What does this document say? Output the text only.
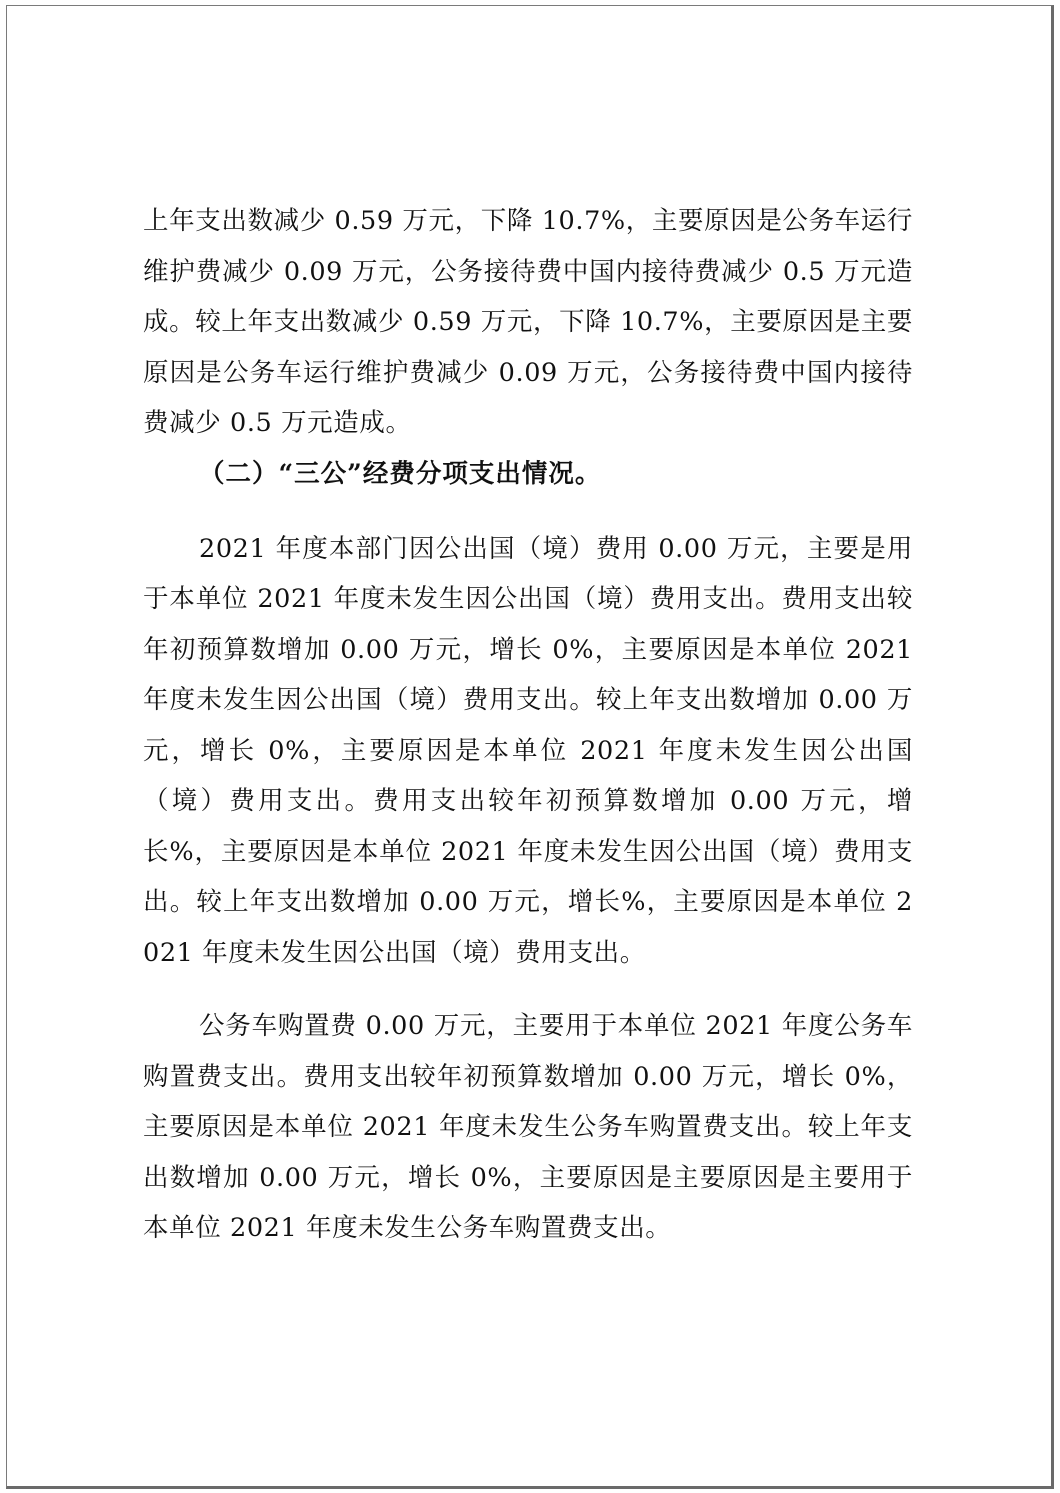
上年支出数减少 0.59 万元，下降 10.7%，主要原因是公务车运行维护费减少 0.09 万元，公务接待费中国内接待费减少 0.5 万元造成。较上年支出数减少 0.59 万元，下降 10.7%，主要原因是主要原因是公务车运行维护费减少 0.09 万元，公务接待费中国内接待费减少 0.5 万元造成。

（二）“三公”经费分项支出情况。

2021 年度本部门因公出国（境）费用 0.00 万元，主要是用于本单位 2021 年度未发生因公出国（境）费用支出。费用支出较年初预算数增加 0.00 万元，增长 0%，主要原因是本单位 2021 年度未发生因公出国（境）费用支出。较上年支出数增加 0.00 万元，增长 0%，主要原因是本单位 2021 年度未发生因公出国（境）费用支出。费用支出较年初预算数增加 0.00 万元，增长%，主要原因是本单位 2021 年度未发生因公出国（境）费用支出。较上年支出数增加 0.00 万元，增长%，主要原因是本单位 2021 年度未发生因公出国（境）费用支出。

公务车购置费 0.00 万元，主要用于本单位 2021 年度公务车购置费支出。费用支出较年初预算数增加 0.00 万元，增长 0%，主要原因是本单位 2021 年度未发生公务车购置费支出。较上年支出数增加 0.00 万元，增长 0%，主要原因是主要原因是主要用于本单位 2021 年度未发生公务车购置费支出。
